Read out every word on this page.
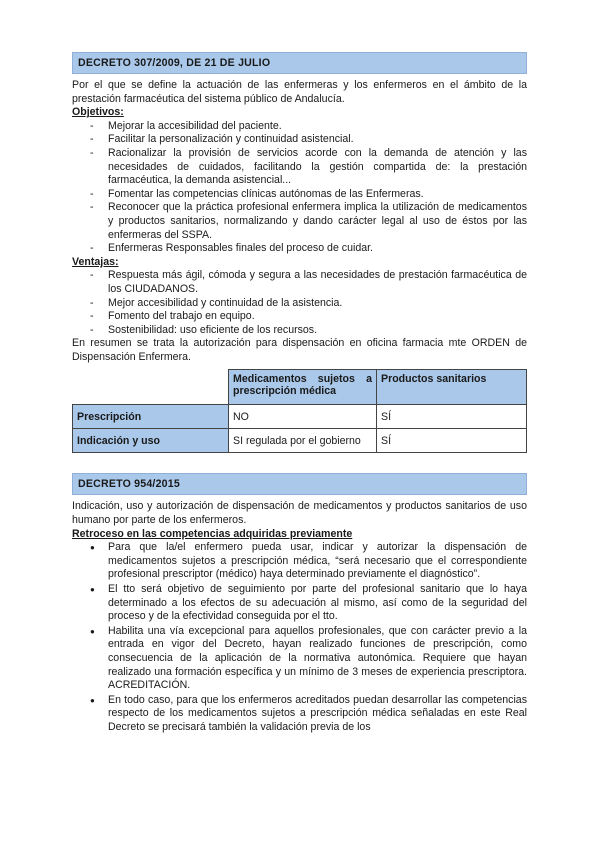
DECRETO 307/2009, DE 21 DE JULIO

Por el que se define la actuación de las enfermeras y los enfermeros en el ámbito de la prestación farmacéutica del sistema público de Andalucía.

Objetivos:
- Mejorar la accesibilidad del paciente.
- Facilitar la personalización y continuidad asistencial.
- Racionalizar la provisión de servicios acorde con la demanda de atención y las necesidades de cuidados, facilitando la gestión compartida de: la prestación farmacéutica, la demanda asistencial...
- Fomentar las competencias clínicas autónomas de las Enfermeras.
- Reconocer que la práctica profesional enfermera implica la utilización de medicamentos y productos sanitarios, normalizando y dando carácter legal al uso de éstos por las enfermeras del SSPA.
- Enfermeras Responsables finales del proceso de cuidar.
Ventajas:
- Respuesta más ágil, cómoda y segura a las necesidades de prestación farmacéutica de los CIUDADANOS.
- Mejor accesibilidad y continuidad de la asistencia.
- Fomento del trabajo en equipo.
- Sostenibilidad: uso eficiente de los recursos.

En resumen se trata la autorización para dispensación en oficina farmacia mte ORDEN de Dispensación Enfermera.

	Medicamentos sujetos a prescripción médica	Productos sanitarios
Prescripción	NO	SÍ
Indicación y uso	SI regulada por el gobierno	SÍ
DECRETO 954/2015

Indicación, uso y autorización de dispensación de medicamentos y productos sanitarios de uso humano por parte de los enfermeros.

Retroceso en las competencias adquiridas previamente
● Para que la/el enfermero pueda usar, indicar y autorizar la dispensación de medicamentos sujetos a prescripción médica, “será necesario que el correspondiente profesional prescriptor (médico) haya determinado previamente el diagnóstico”.
● El tto será objetivo de seguimiento por parte del profesional sanitario que lo haya determinado a los efectos de su adecuación al mismo, así como de la seguridad del proceso y de la efectividad conseguida por el tto.
● Habilita una vía excepcional para aquellos profesionales, que con carácter previo a la entrada en vigor del Decreto, hayan realizado funciones de prescripción, como consecuencia de la aplicación de la normativa autonómica. Requiere que hayan realizado una formación específica y un mínimo de 3 meses de experiencia prescriptora. ACREDITACIÓN.
● En todo caso, para que los enfermeros acreditados puedan desarrollar las competencias respecto de los medicamentos sujetos a prescripción médica señaladas en este Real Decreto se precisará también la validación previa de los
